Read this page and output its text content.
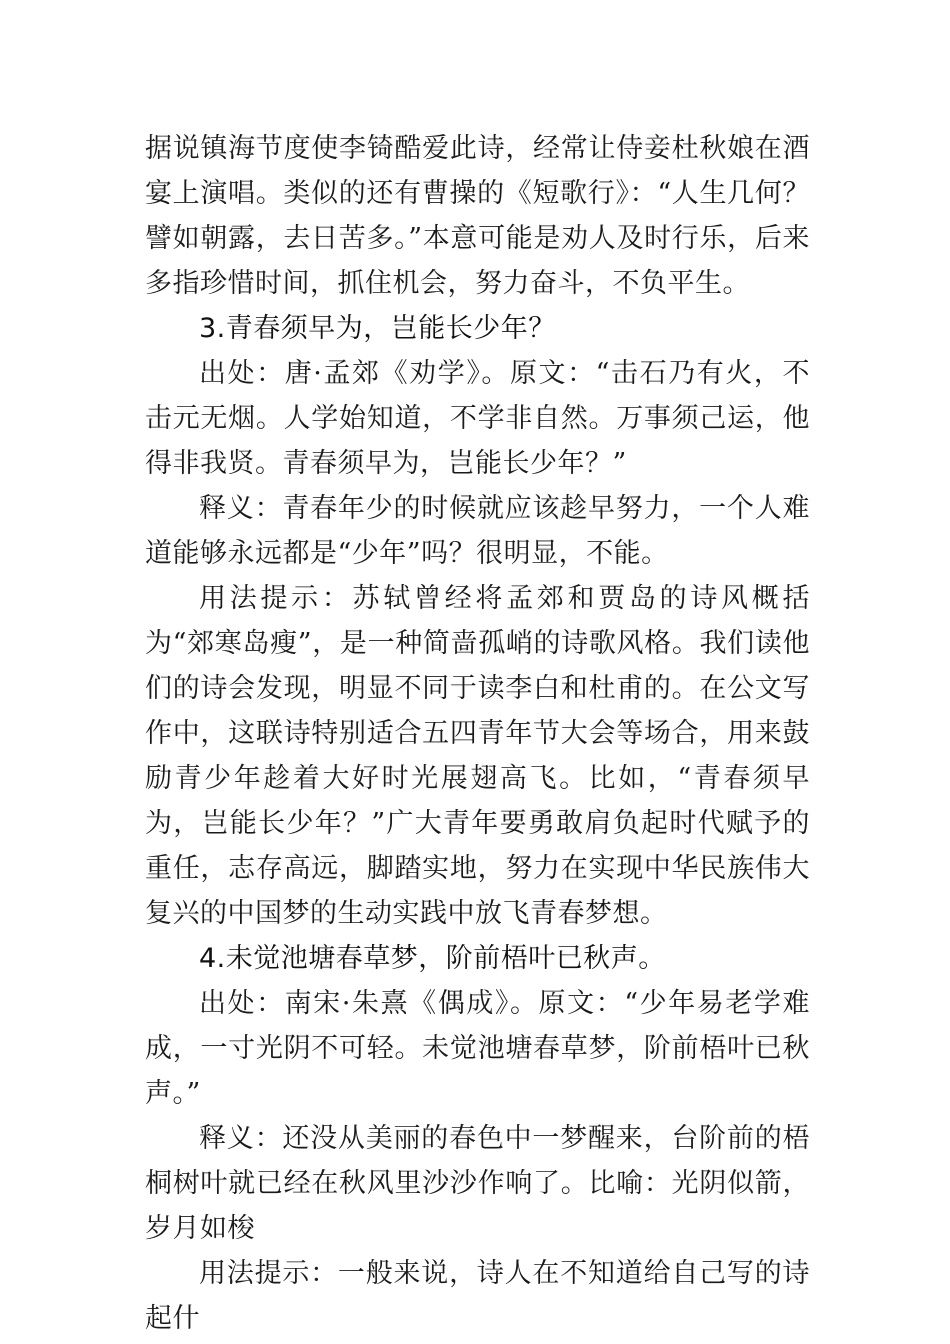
据说镇海节度使李锜酷爱此诗，经常让侍妾杜秋娘在酒宴上演唱。类似的还有曹操的《短歌行》：“人生几何？譬如朝露，去日苦多。”本意可能是劝人及时行乐，后来多指珍惜时间，抓住机会，努力奋斗，不负平生。

3.青春须早为，岂能长少年？

出处：唐·孟郊《劝学》。原文：“击石乃有火，不击元无烟。人学始知道，不学非自然。万事须己运，他得非我贤。青春须早为，岂能长少年？”

释义：青春年少的时候就应该趁早努力，一个人难道能够永远都是“少年”吗？很明显，不能。

用法提示：苏轼曾经将孟郊和贾岛的诗风概括为“郊寒岛瘦”，是一种简啬孤峭的诗歌风格。我们读他们的诗会发现，明显不同于读李白和杜甫的。在公文写作中，这联诗特别适合五四青年节大会等场合，用来鼓励青少年趁着大好时光展翅高飞。比如，“青春须早为，岂能长少年？”广大青年要勇敢肩负起时代赋予的重任，志存高远，脚踏实地，努力在实现中华民族伟大复兴的中国梦的生动实践中放飞青春梦想。

4.未觉池塘春草梦，阶前梧叶已秋声。

出处：南宋·朱熹《偶成》。原文：“少年易老学难成，一寸光阴不可轻。未觉池塘春草梦，阶前梧叶已秋声。”

释义：还没从美丽的春色中一梦醒来，台阶前的梧桐树叶就已经在秋风里沙沙作响了。比喻：光阴似箭，岁月如梭

用法提示：一般来说，诗人在不知道给自己写的诗起什
